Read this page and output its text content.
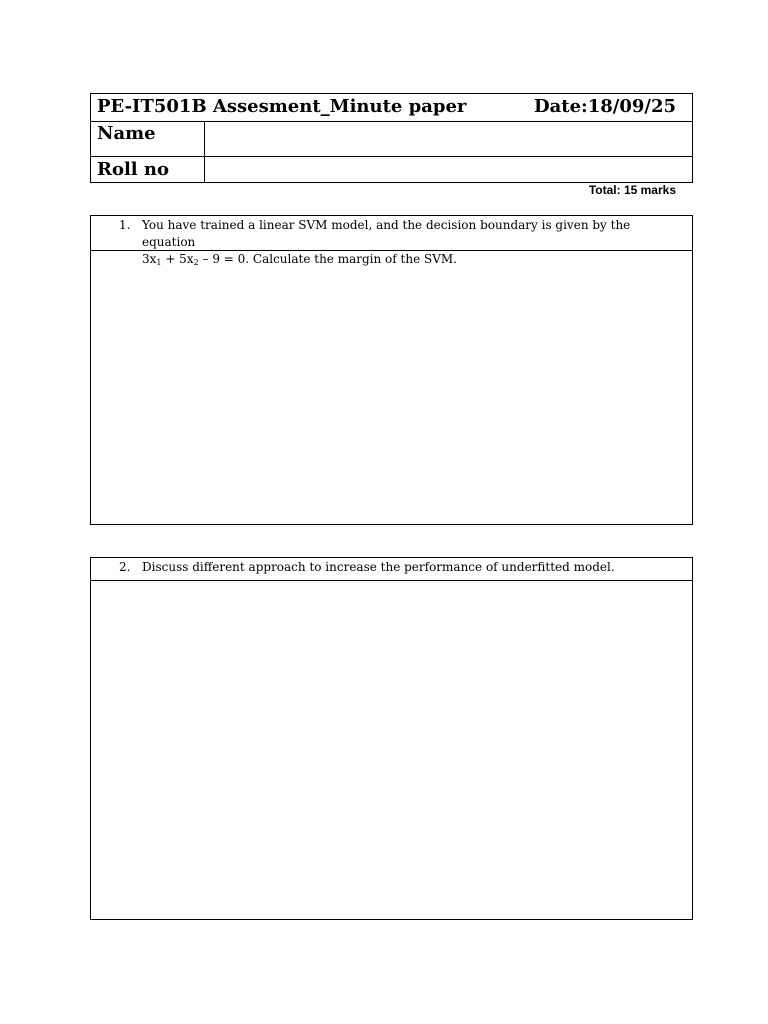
PE-IT501B Assesment_Minute paper	Date:18/09/25
Name
Roll no
Total: 15 marks
1. You have trained a linear SVM model, and the decision boundary is given by the equation
$3x_1 + 5x_2 - 9 = 0$. Calculate the margin of the SVM.
2. Discuss different approach to increase the performance of underfitted model.
